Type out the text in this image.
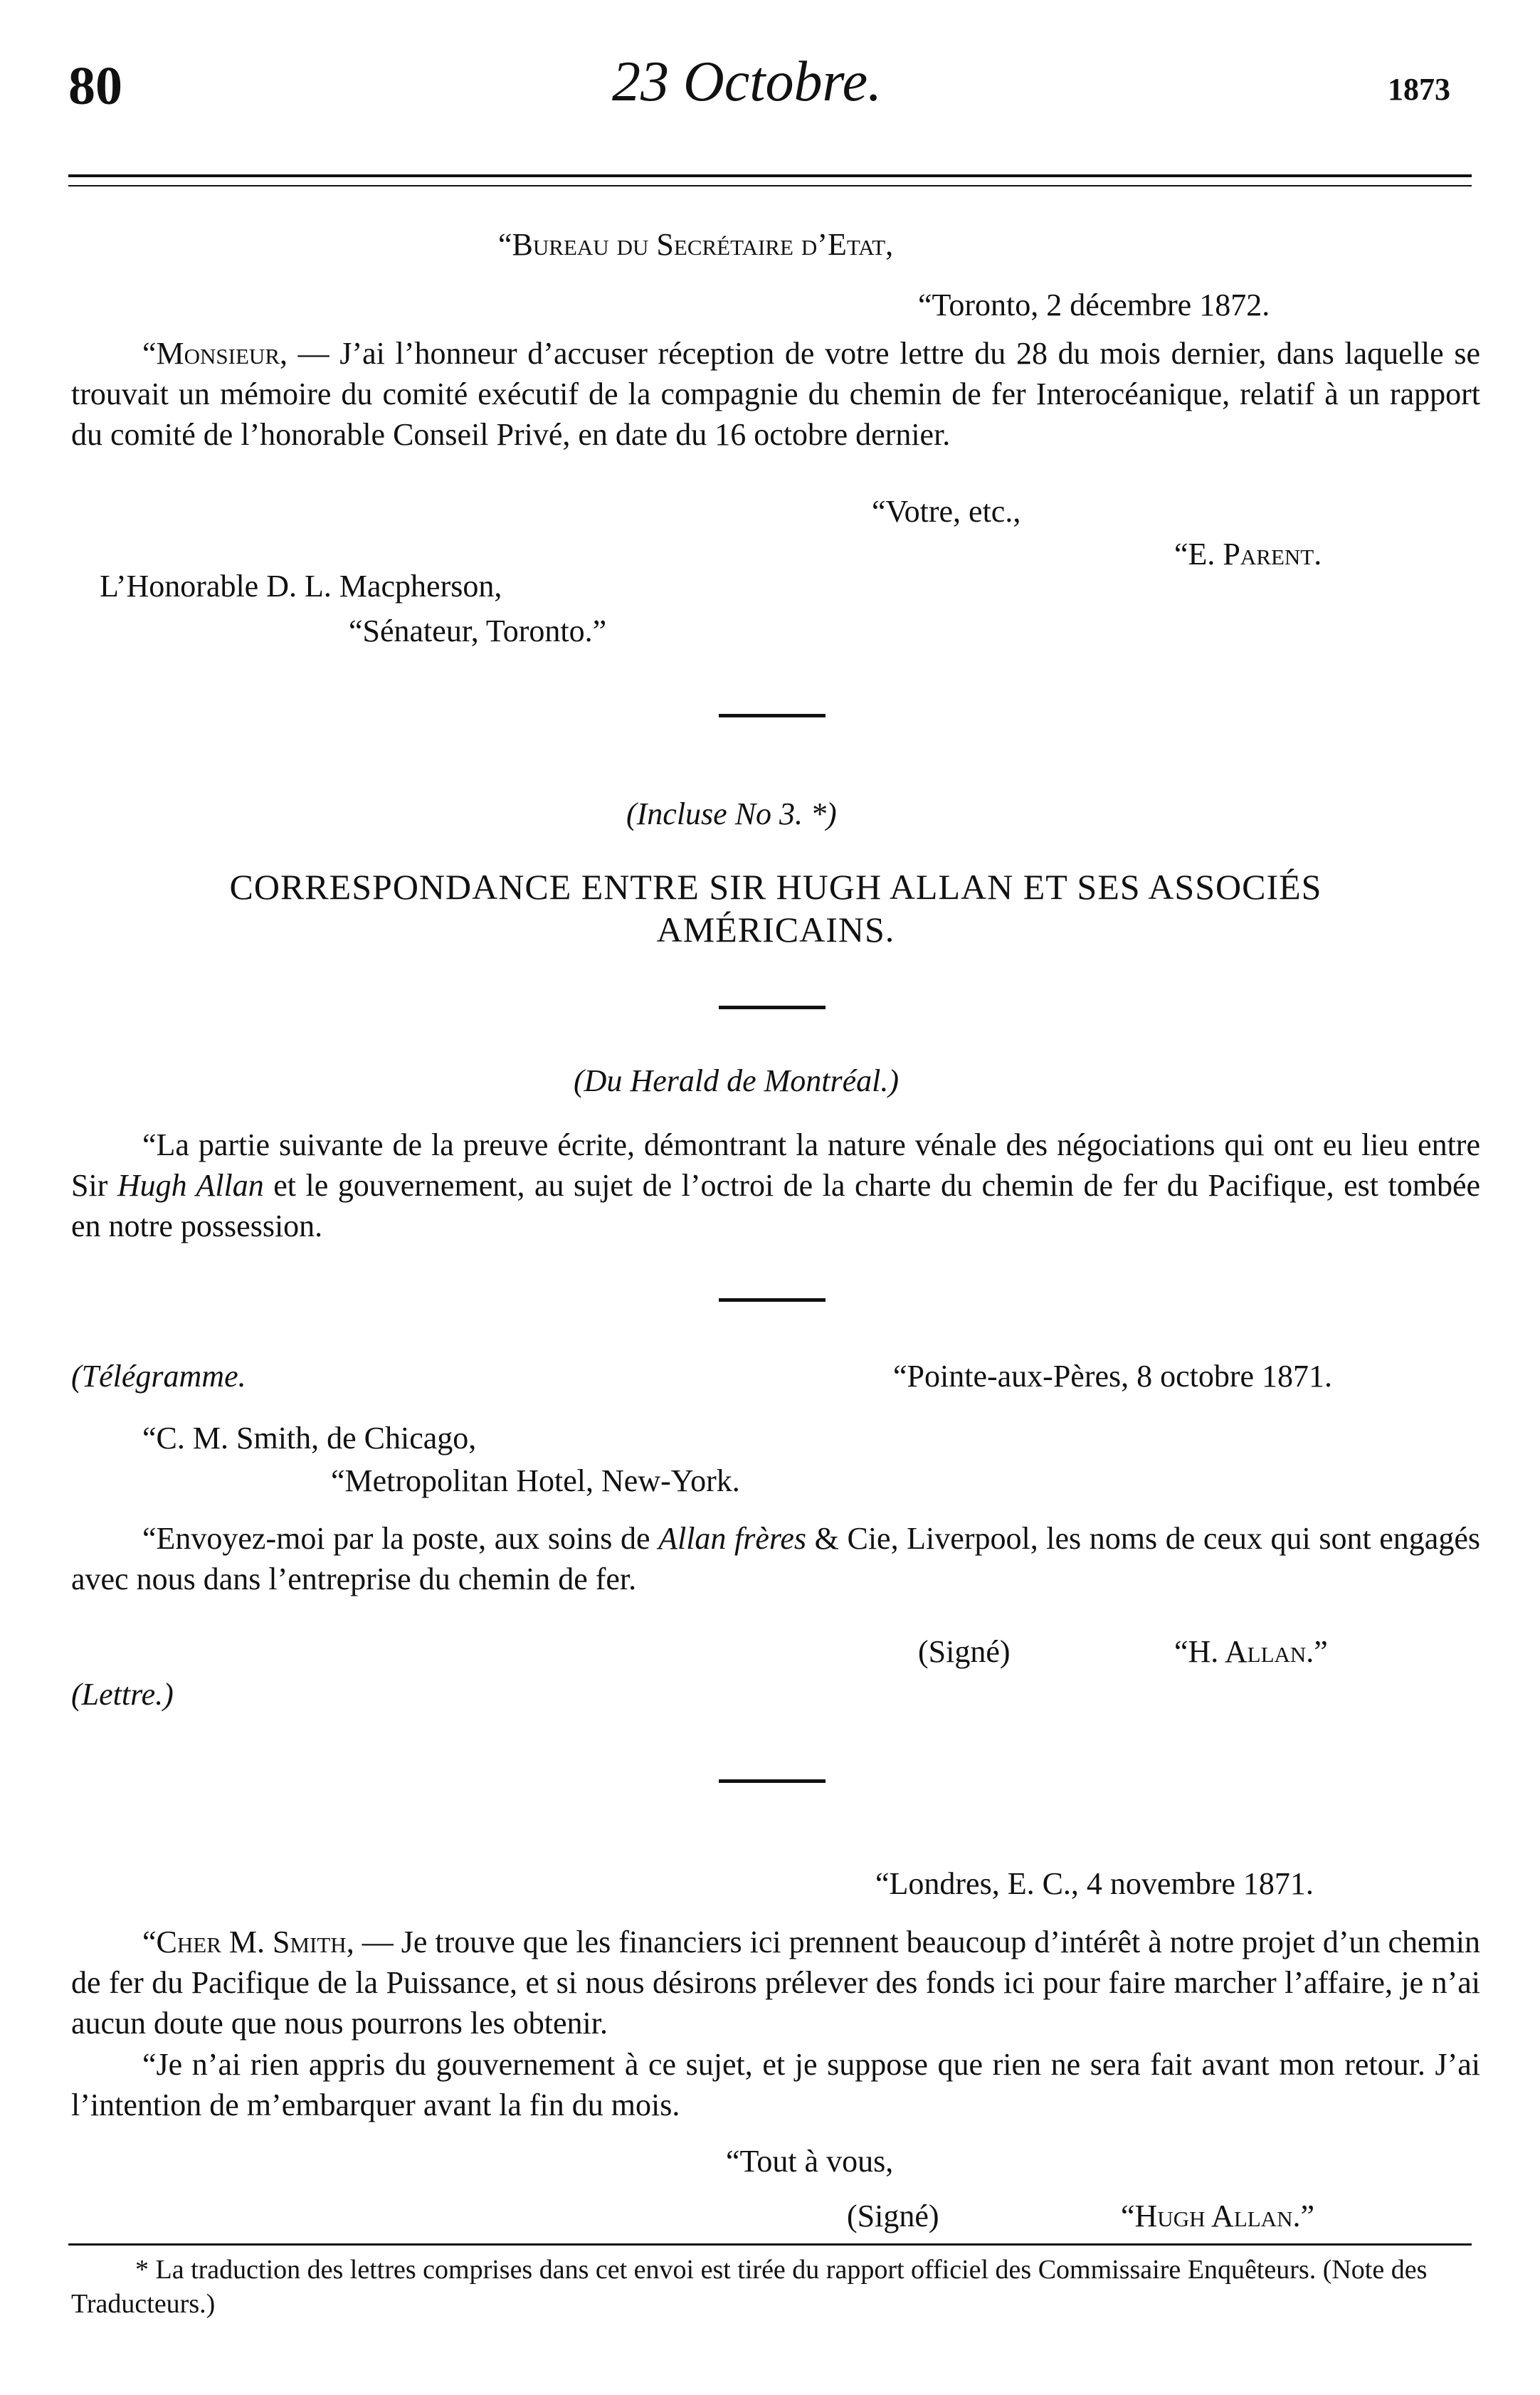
80	23 Octobre.	1873
“Bureau du Secrétaire d’Etat,
“Toronto, 2 décembre 1872.
“Monsieur, — J’ai l’honneur d’accuser réception de votre lettre du 28 du mois dernier, dans laquelle se trouvait un mémoire du comité exécutif de la compagnie du chemin de fer Interocéanique, relatif à un rapport du comité de l’honorable Conseil Privé, en date du 16 octobre dernier.
“Votre, etc.,
“E. Parent.
L’Honorable D. L. Macpherson,
“Sénateur, Toronto.”
(Incluse No 3. *)
CORRESPONDANCE ENTRE SIR HUGH ALLAN ET SES ASSOCIÉS
AMÉRICAINS.
(Du Herald de Montréal.)
“La partie suivante de la preuve écrite, démontrant la nature vénale des négociations qui ont eu lieu entre Sir Hugh Allan et le gouvernement, au sujet de l’octroi de la charte du chemin de fer du Pacifique, est tombée en notre possession.
(Télégramme.	“Pointe-aux-Pères, 8 octobre 1871.
“C. M. Smith, de Chicago,
“Metropolitan Hotel, New-York.
“Envoyez-moi par la poste, aux soins de Allan frères & Cie, Liverpool, les noms de ceux qui sont engagés avec nous dans l’entreprise du chemin de fer.
(Signé)	“H. Allan.”
(Lettre.)
“Londres, E. C., 4 novembre 1871.
“Cher M. Smith, — Je trouve que les financiers ici prennent beaucoup d’intérêt à notre projet d’un chemin de fer du Pacifique de la Puissance, et si nous désirons prélever des fonds ici pour faire marcher l’affaire, je n’ai aucun doute que nous pourrons les obtenir.
“Je n’ai rien appris du gouvernement à ce sujet, et je suppose que rien ne sera fait avant mon retour. J’ai l’intention de m’embarquer avant la fin du mois.
“Tout à vous,
(Signé)	“Hugh Allan.”
* La traduction des lettres comprises dans cet envoi est tirée du rapport officiel des Commissaire Enquêteurs. (Note des Traducteurs.)
